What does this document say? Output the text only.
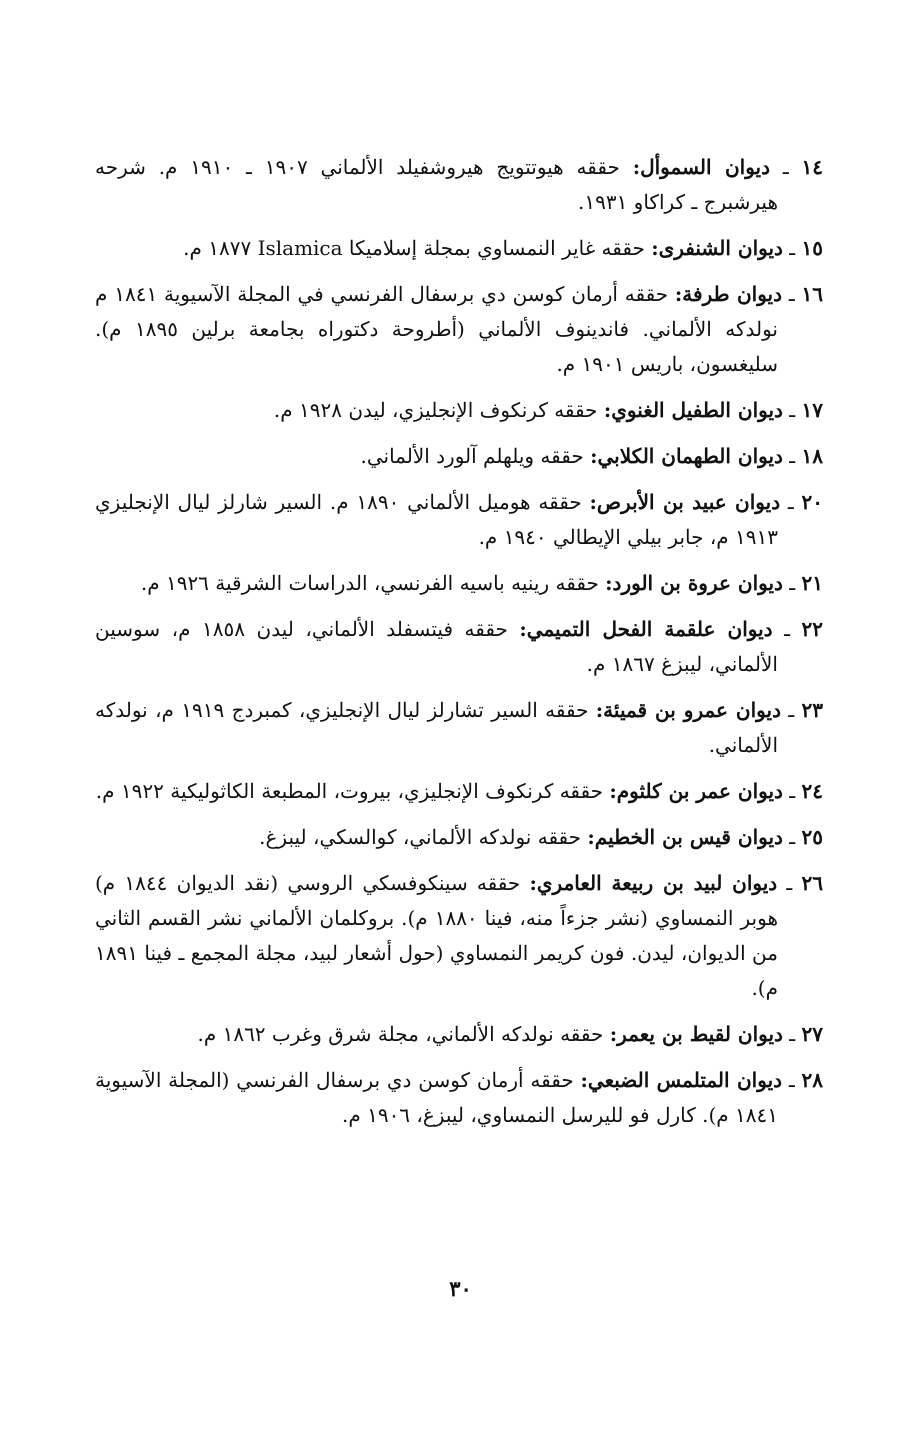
١٤ ـ ديوان السموأل: حققه هيوتتويج هيروشفيلد الألماني ١٩٠٧ ـ ١٩١٠ م. شرحه هيرشبرج ـ كراكاو ١٩٣١.
١٥ ـ ديوان الشنفرى: حققه غاير النمساوي بمجلة إسلاميكا Islamica ١٨٧٧ م.
١٦ ـ ديوان طرفة: حققه أرمان كوسن دي برسفال الفرنسي في المجلة الآسيوية ١٨٤١ م نولدكه الألماني. فاندينوف الألماني (أطروحة دكتوراه بجامعة برلين ١٨٩٥ م). سليغسون، باريس ١٩٠١ م.
١٧ ـ ديوان الطفيل الغنوي: حققه كرنكوف الإنجليزي، ليدن ١٩٢٨ م.
١٨ ـ ديوان الطهمان الكلابي: حققه ويلهلم آلورد الألماني.
٢٠ ـ ديوان عبيد بن الأبرص: حققه هوميل الألماني ١٨٩٠ م. السير شارلز ليال الإنجليزي ١٩١٣ م، جابر بيلي الإيطالي ١٩٤٠ م.
٢١ ـ ديوان عروة بن الورد: حققه رينيه باسيه الفرنسي، الدراسات الشرقية ١٩٢٦ م.
٢٢ ـ ديوان علقمة الفحل التميمي: حققه فيتسفلد الألماني، ليدن ١٨٥٨ م، سوسين الألماني، ليبزغ ١٨٦٧ م.
٢٣ ـ ديوان عمرو بن قميئة: حققه السير تشارلز ليال الإنجليزي، كمبردج ١٩١٩ م، نولدكه الألماني.
٢٤ ـ ديوان عمر بن كلثوم: حققه كرنكوف الإنجليزي، بيروت، المطبعة الكاثوليكية ١٩٢٢ م.
٢٥ ـ ديوان قيس بن الخطيم: حققه نولدكه الألماني، كوالسكي، ليبزغ.
٢٦ ـ ديوان لبيد بن ربيعة العامري: حققه سينكوفسكي الروسي (نقد الديوان ١٨٤٤ م) هوبر النمساوي (نشر جزءاً منه، فينا ١٨٨٠ م). بروكلمان الألماني نشر القسم الثاني من الديوان، ليدن. فون كريمر النمساوي (حول أشعار لبيد، مجلة المجمع ـ فينا ١٨٩١ م).
٢٧ ـ ديوان لقيط بن يعمر: حققه نولدكه الألماني، مجلة شرق وغرب ١٨٦٢ م.
٢٨ ـ ديوان المتلمس الضبعي: حققه أرمان كوسن دي برسفال الفرنسي (المجلة الآسيوية ١٨٤١ م). كارل فو لليرسل النمساوي، ليبزغ، ١٩٠٦ م.
٣٠
